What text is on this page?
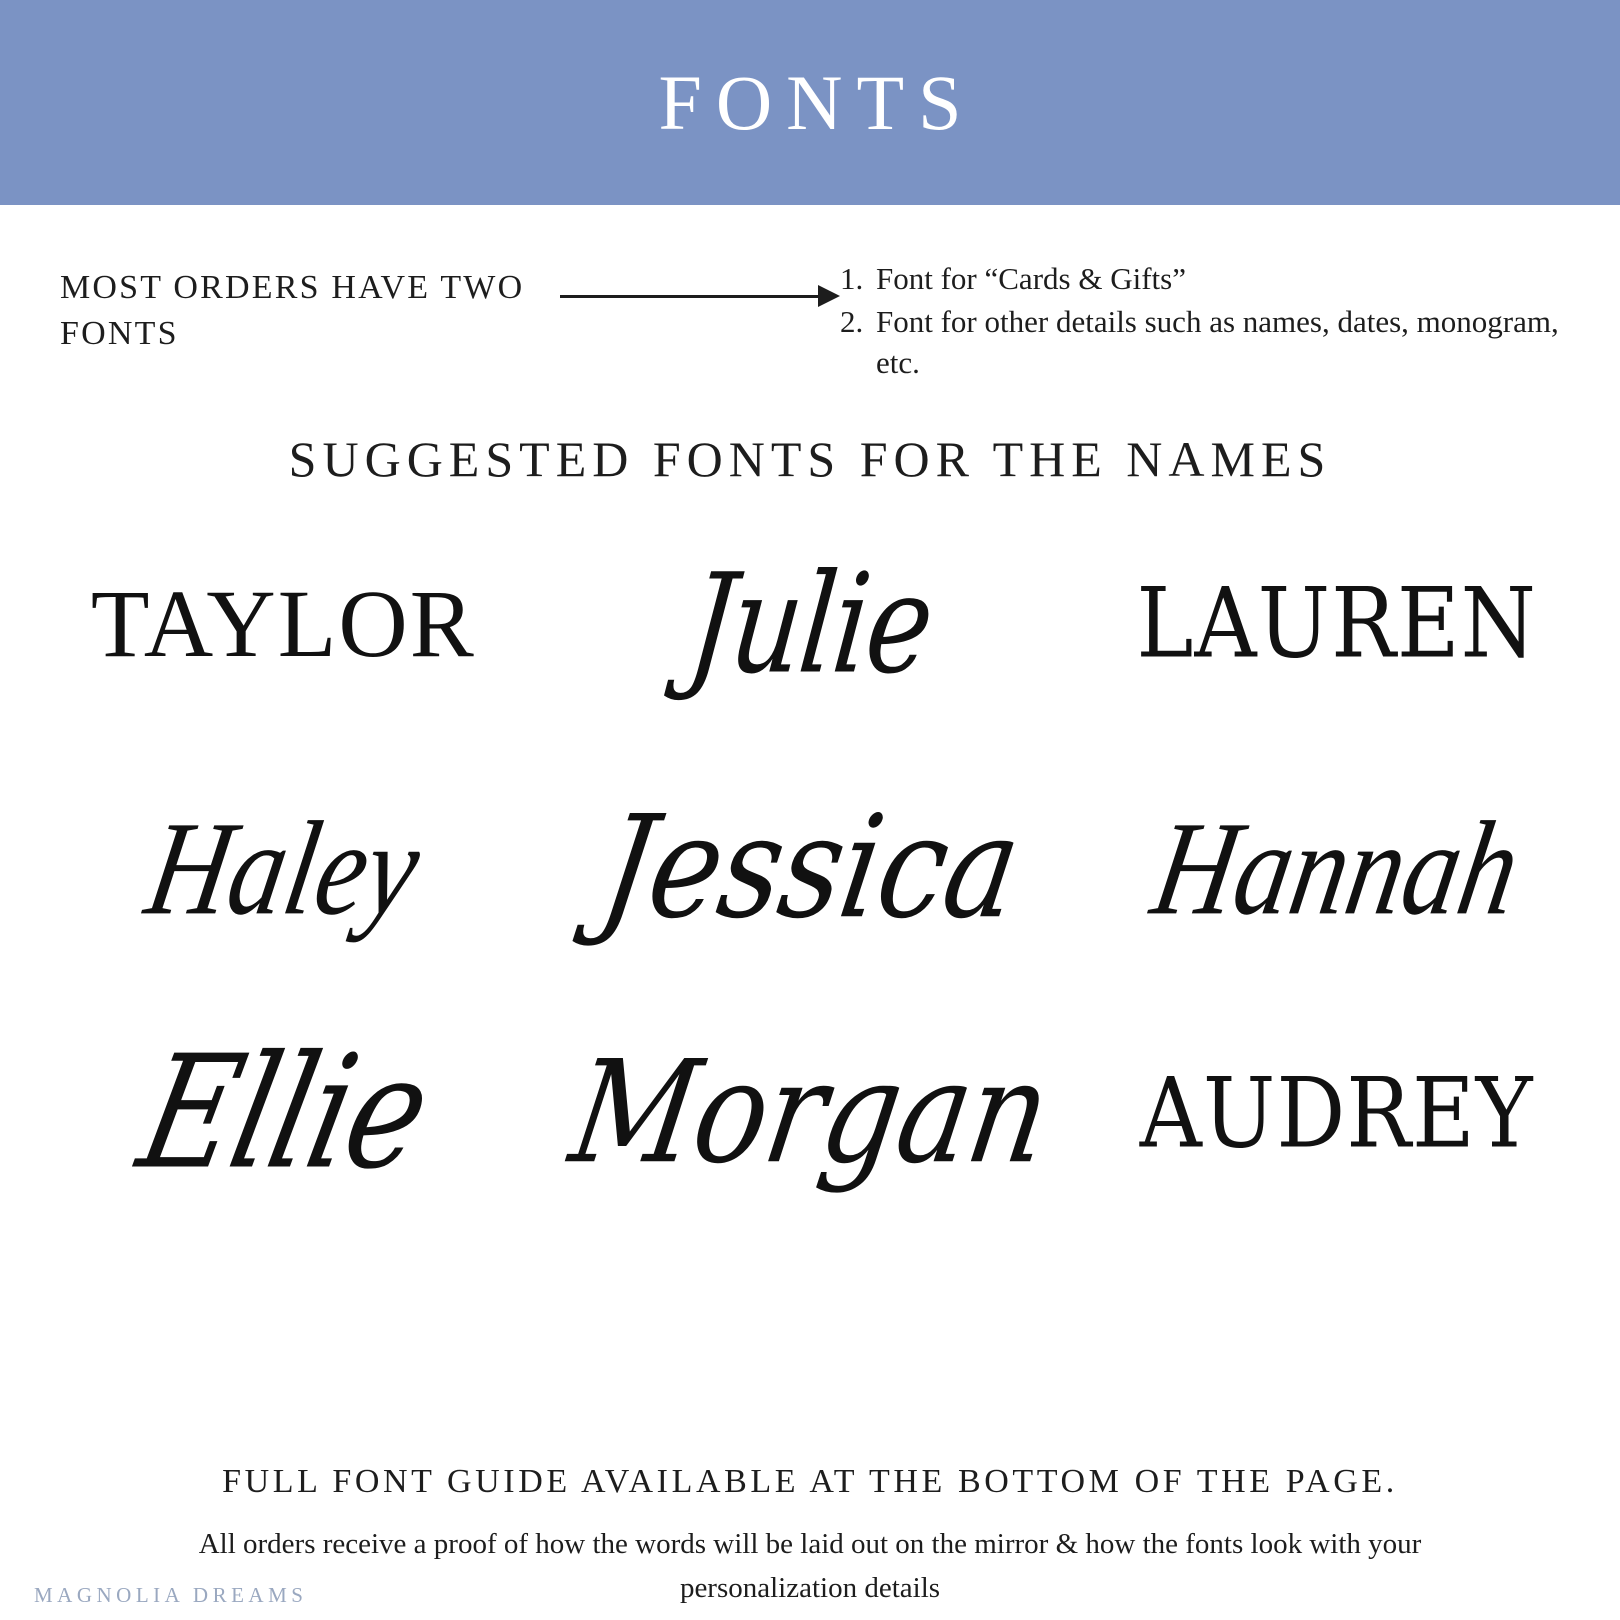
FONTS
MOST ORDERS HAVE TWO FONTS
1. Font for “Cards & Gifts”
2. Font for other details such as names, dates, monogram, etc.
SUGGESTED FONTS FOR THE NAMES
TAYLOR Julie LAUREN
Haley Jessica Hannah
Ellie Morgan AUDREY
FULL FONT GUIDE AVAILABLE AT THE BOTTOM OF THE PAGE.
All orders receive a proof of how the words will be laid out on the mirror & how the fonts look with your personalization details
MAGNOLIA DREAMS
